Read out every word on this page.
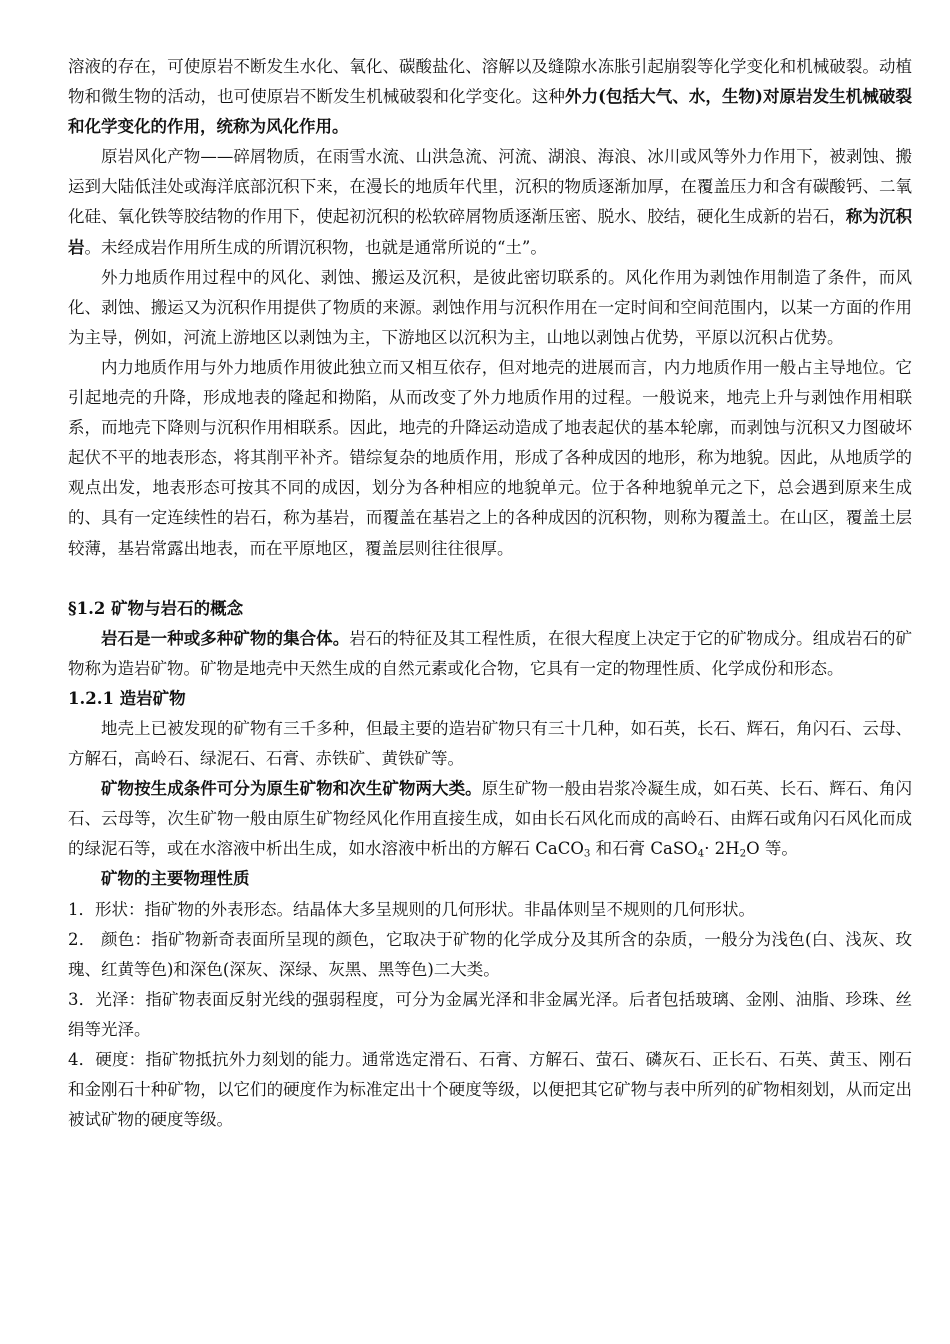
溶液的存在，可使原岩不断发生水化、氧化、碳酸盐化、溶解以及缝隙水冻胀引起崩裂等化学变化和机械破裂。动植物和微生物的活动，也可使原岩不断发生机械破裂和化学变化。这种外力(包括大气、水，生物)对原岩发生机械破裂和化学变化的作用，统称为风化作用。

原岩风化产物——碎屑物质，在雨雪水流、山洪急流、河流、湖浪、海浪、冰川或风等外力作用下，被剥蚀、搬运到大陆低洼处或海洋底部沉积下来，在漫长的地质年代里，沉积的物质逐渐加厚，在覆盖压力和含有碳酸钙、二氧化硅、氧化铁等胶结物的作用下，使起初沉积的松软碎屑物质逐渐压密、脱水、胶结，硬化生成新的岩石，称为沉积岩。未经成岩作用所生成的所谓沉积物，也就是通常所说的“土”。

外力地质作用过程中的风化、剥蚀、搬运及沉积，是彼此密切联系的。风化作用为剥蚀作用制造了条件，而风化、剥蚀、搬运又为沉积作用提供了物质的来源。剥蚀作用与沉积作用在一定时间和空间范围内，以某一方面的作用为主导，例如，河流上游地区以剥蚀为主，下游地区以沉积为主，山地以剥蚀占优势，平原以沉积占优势。

内力地质作用与外力地质作用彼此独立而又相互依存，但对地壳的进展而言，内力地质作用一般占主导地位。它引起地壳的升降，形成地表的隆起和拗陷，从而改变了外力地质作用的过程。一般说来，地壳上升与剥蚀作用相联系，而地壳下降则与沉积作用相联系。因此，地壳的升降运动造成了地表起伏的基本轮廓，而剥蚀与沉积又力图破坏起伏不平的地表形态，将其削平补齐。错综复杂的地质作用，形成了各种成因的地形，称为地貌。因此，从地质学的观点出发，地表形态可按其不同的成因，划分为各种相应的地貌单元。位于各种地貌单元之下，总会遇到原来生成的、具有一定连续性的岩石，称为基岩，而覆盖在基岩之上的各种成因的沉积物，则称为覆盖土。在山区，覆盖土层较薄，基岩常露出地表，而在平原地区，覆盖层则往往很厚。

§1.2 矿物与岩石的概念

岩石是一种或多种矿物的集合体。岩石的特征及其工程性质，在很大程度上决定于它的矿物成分。组成岩石的矿物称为造岩矿物。矿物是地壳中天然生成的自然元素或化合物，它具有一定的物理性质、化学成份和形态。

1.2.1 造岩矿物

地壳上已被发现的矿物有三千多种，但最主要的造岩矿物只有三十几种，如石英，长石、辉石，角闪石、云母、方解石，高岭石、绿泥石、石膏、赤铁矿、黄铁矿等。

矿物按生成条件可分为原生矿物和次生矿物两大类。原生矿物一般由岩浆冷凝生成，如石英、长石、辉石、角闪石、云母等，次生矿物一般由原生矿物经风化作用直接生成，如由长石风化而成的高岭石、由辉石或角闪石风化而成的绿泥石等，或在水溶液中析出生成，如水溶液中析出的方解石 CaCO$_3$ 和石膏 CaSO$_4$· $2H_2O$ 等。

矿物的主要物理性质

1．形状：指矿物的外表形态。结晶体大多呈规则的几何形状。非晶体则呈不规则的几何形状。

2． 颜色：指矿物新奇表面所呈现的颜色，它取决于矿物的化学成分及其所含的杂质，一般分为浅色(白、浅灰、玫瑰、红黄等色)和深色(深灰、深绿、灰黑、黑等色)二大类。

3．光泽：指矿物表面反射光线的强弱程度，可分为金属光泽和非金属光泽。后者包括玻璃、金刚、油脂、珍珠、丝绢等光泽。

4．硬度：指矿物抵抗外力刻划的能力。通常选定滑石、石膏、方解石、萤石、磷灰石、正长石、石英、黄玉、刚石和金刚石十种矿物，以它们的硬度作为标准定出十个硬度等级，以便把其它矿物与表中所列的矿物相刻划，从而定出被试矿物的硬度等级。
